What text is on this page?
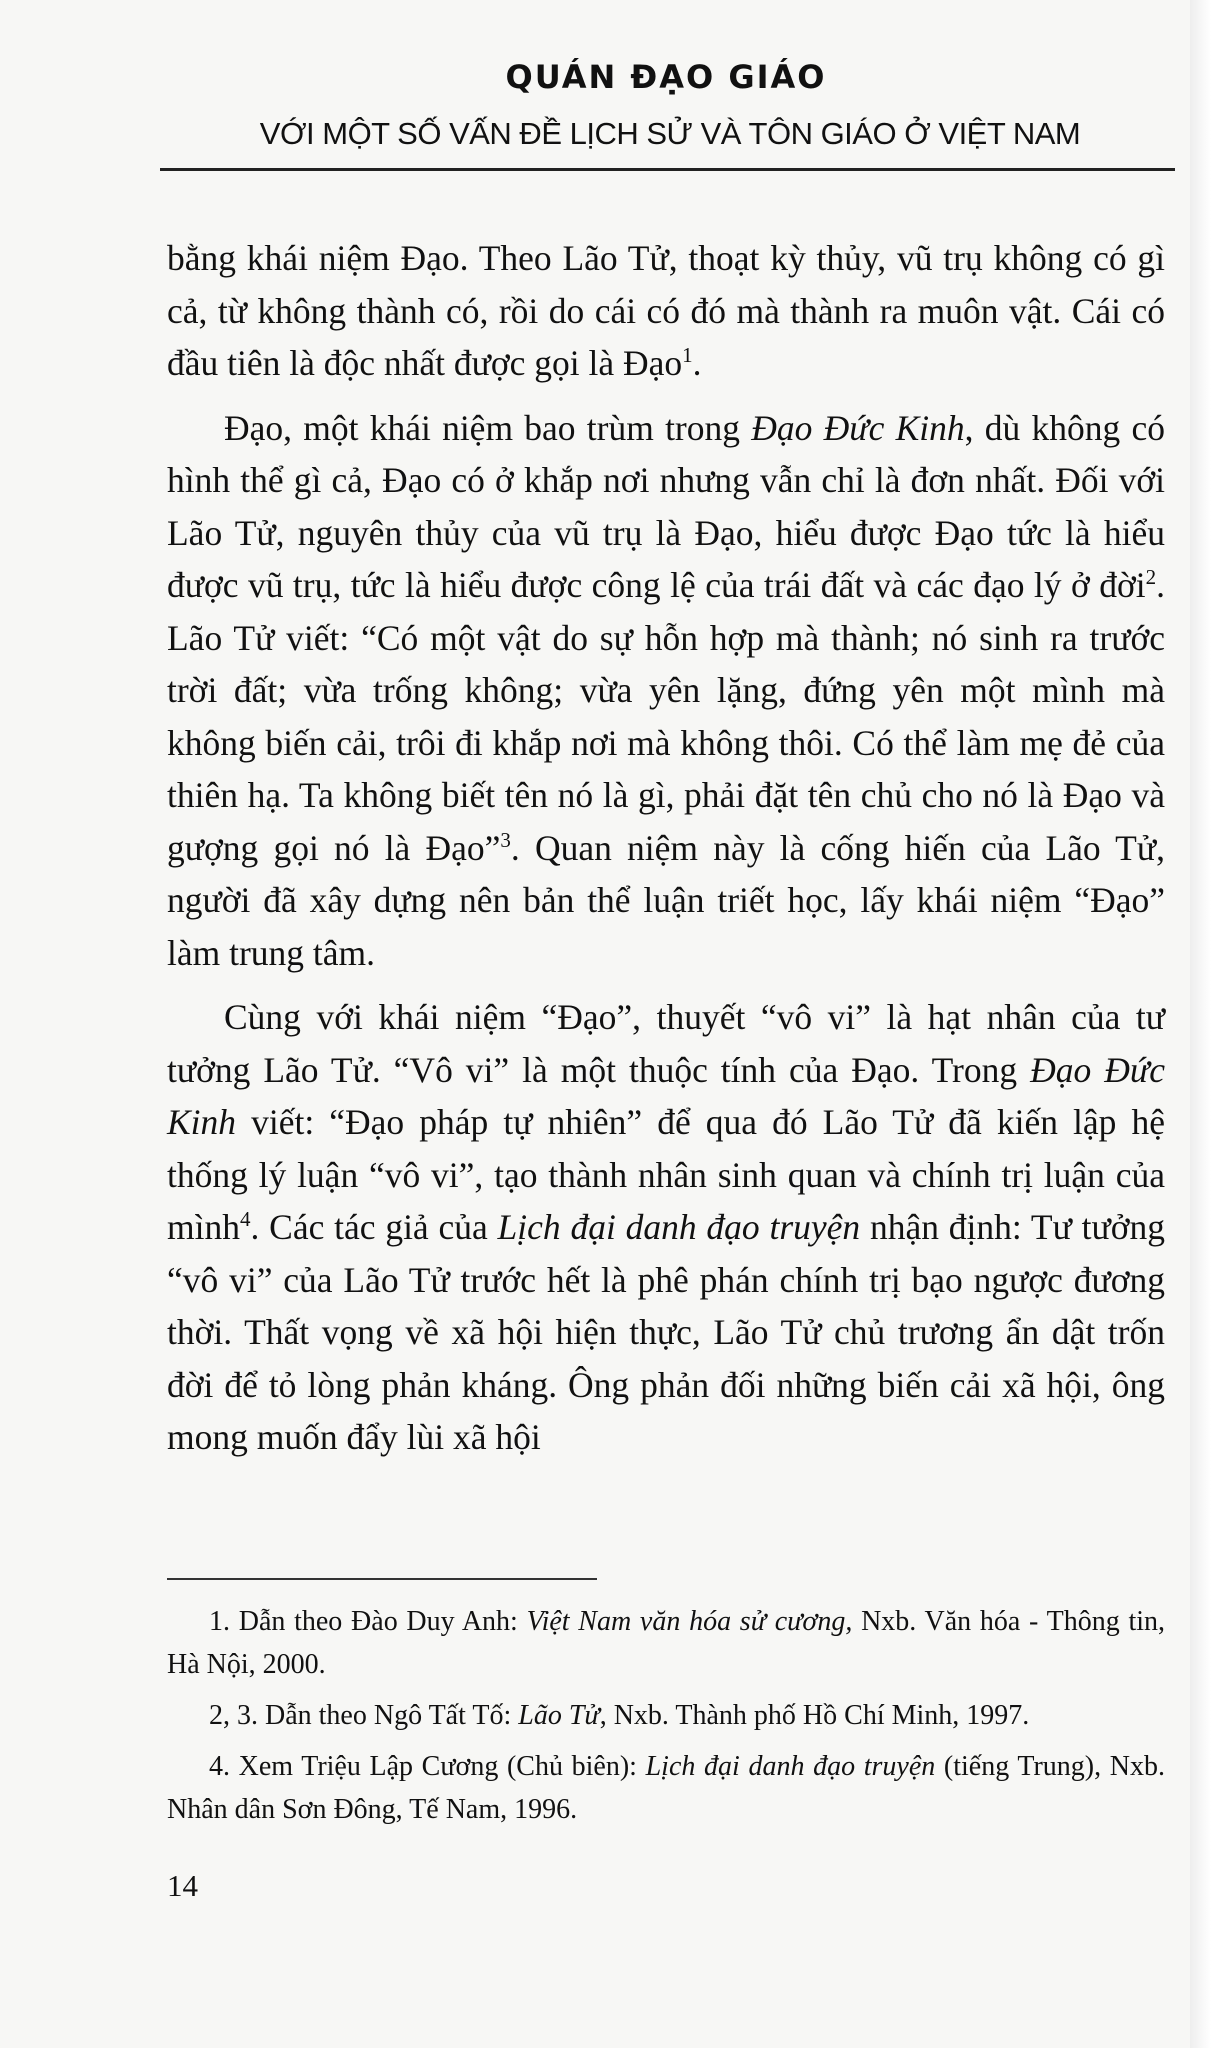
QUÁN ĐẠO GIÁO
VỚI MỘT SỐ VẤN ĐỀ LỊCH SỬ VÀ TÔN GIÁO Ở VIỆT NAM

bằng khái niệm Đạo. Theo Lão Tử, thoạt kỳ thủy, vũ trụ không có gì cả, từ không thành có, rồi do cái có đó mà thành ra muôn vật. Cái có đầu tiên là độc nhất được gọi là Đạo$^1$.

Đạo, một khái niệm bao trùm trong Đạo Đức Kinh, dù không có hình thể gì cả, Đạo có ở khắp nơi nhưng vẫn chỉ là đơn nhất. Đối với Lão Tử, nguyên thủy của vũ trụ là Đạo, hiểu được Đạo tức là hiểu được vũ trụ, tức là hiểu được công lệ của trái đất và các đạo lý ở đời$^2$. Lão Tử viết: “Có một vật do sự hỗn hợp mà thành; nó sinh ra trước trời đất; vừa trống không; vừa yên lặng, đứng yên một mình mà không biến cải, trôi đi khắp nơi mà không thôi. Có thể làm mẹ đẻ của thiên hạ. Ta không biết tên nó là gì, phải đặt tên chủ cho nó là Đạo và gượng gọi nó là Đạo”$^3$. Quan niệm này là cống hiến của Lão Tử, người đã xây dựng nên bản thể luận triết học, lấy khái niệm “Đạo” làm trung tâm.

Cùng với khái niệm “Đạo”, thuyết “vô vi” là hạt nhân của tư tưởng Lão Tử. “Vô vi” là một thuộc tính của Đạo. Trong Đạo Đức Kinh viết: “Đạo pháp tự nhiên” để qua đó Lão Tử đã kiến lập hệ thống lý luận “vô vi”, tạo thành nhân sinh quan và chính trị luận của mình$^4$. Các tác giả của Lịch đại danh đạo truyện nhận định: Tư tưởng “vô vi” của Lão Tử trước hết là phê phán chính trị bạo ngược đương thời. Thất vọng về xã hội hiện thực, Lão Tử chủ trương ẩn dật trốn đời để tỏ lòng phản kháng. Ông phản đối những biến cải xã hội, ông mong muốn đẩy lùi xã hội

1. Dẫn theo Đào Duy Anh: Việt Nam văn hóa sử cương, Nxb. Văn hóa - Thông tin, Hà Nội, 2000.

2, 3. Dẫn theo Ngô Tất Tố: Lão Tử, Nxb. Thành phố Hồ Chí Minh, 1997.

4. Xem Triệu Lập Cương (Chủ biên): Lịch đại danh đạo truyện (tiếng Trung), Nxb. Nhân dân Sơn Đông, Tế Nam, 1996.

14
